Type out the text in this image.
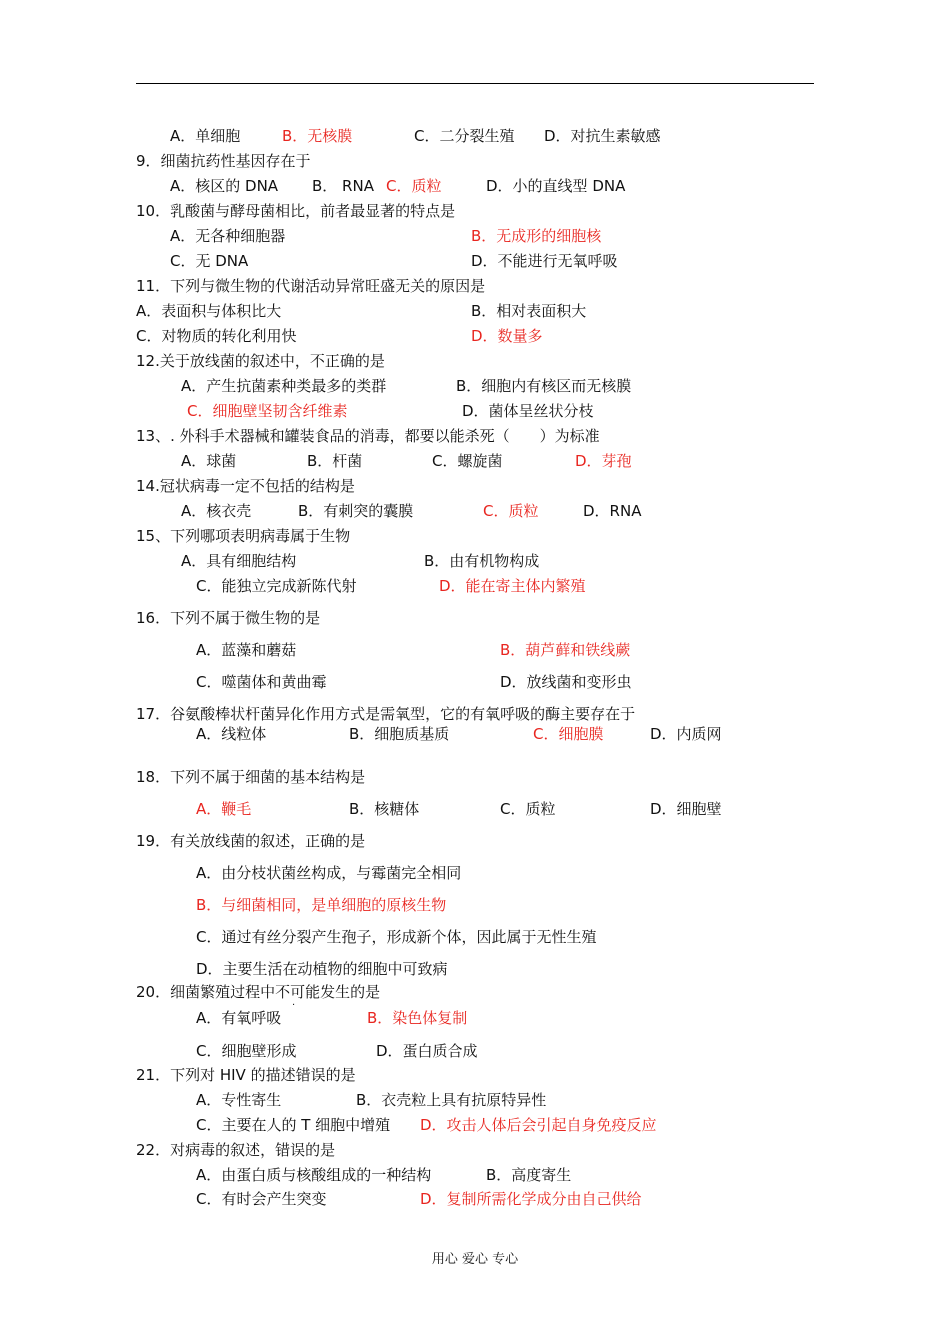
A．单细胞	B．无核膜	C．二分裂生殖 D．对抗生素敏感
9．细菌抗药性基因存在于
A．核区的 DNA B． RNA C．质粒	D．小的直线型 DNA
10．乳酸菌与酵母菌相比，前者最显著的特点是
A．无各种细胞器	B．无成形的细胞核
C．无 DNA	D．不能进行无氧呼吸
11．下列与微生物的代谢活动异常旺盛无关的原因是
A．表面积与体积比大	B．相对表面积大
C．对物质的转化利用快	D．数量多
12.关于放线菌的叙述中，不正确的是
A．产生抗菌素种类最多的类群	B．细胞内有核区而无核膜
C．细胞壁坚韧含纤维素	D．菌体呈丝状分枝
13、. 外科手术器械和罐装食品的消毒，都要以能杀死（　　）为标准
A．球菌	B．杆菌	C．螺旋菌	D．芽孢
14.冠状病毒一定不包括的结构是
A．核衣壳	B．有刺突的囊膜	C．质粒	D．RNA
15、下列哪项表明病毒属于生物
A．具有细胞结构	B．由有机物构成
C．能独立完成新陈代射	D．能在寄主体内繁殖
16．下列不属于微生物的是
A．蓝藻和蘑菇	B．葫芦藓和铁线蕨
C．噬菌体和黄曲霉	D．放线菌和变形虫
17．谷氨酸棒状杆菌异化作用方式是需氧型，它的有氧呼吸的酶主要存在于
A．线粒体	B．细胞质基质	C．细胞膜	D．内质网
18．下列不属于细菌的基本结构是
A．鞭毛	B．核糖体	C．质粒	D．细胞壁
19．有关放线菌的叙述，正确的是
A．由分枝状菌丝构成，与霉菌完全相同
B．与细菌相同，是单细胞的原核生物
C．通过有丝分裂产生孢子，形成新个体，因此属于无性生殖
D．主要生活在动植物的细胞中可致病
20．细菌繁殖过程中不可能发生的是
·
A．有氧呼吸	B．染色体复制
C．细胞壁形成	D．蛋白质合成
21．下列对 HIV 的描述错误的是
A．专性寄生	B．衣壳粒上具有抗原特异性
C．主要在人的 T 细胞中增殖 D．攻击人体后会引起自身免疫反应
22．对病毒的叙述，错误的是
A．由蛋白质与核酸组成的一种结构	B．高度寄生
C．有时会产生突变	D．复制所需化学成分由自己供给
用心 爱心 专心
